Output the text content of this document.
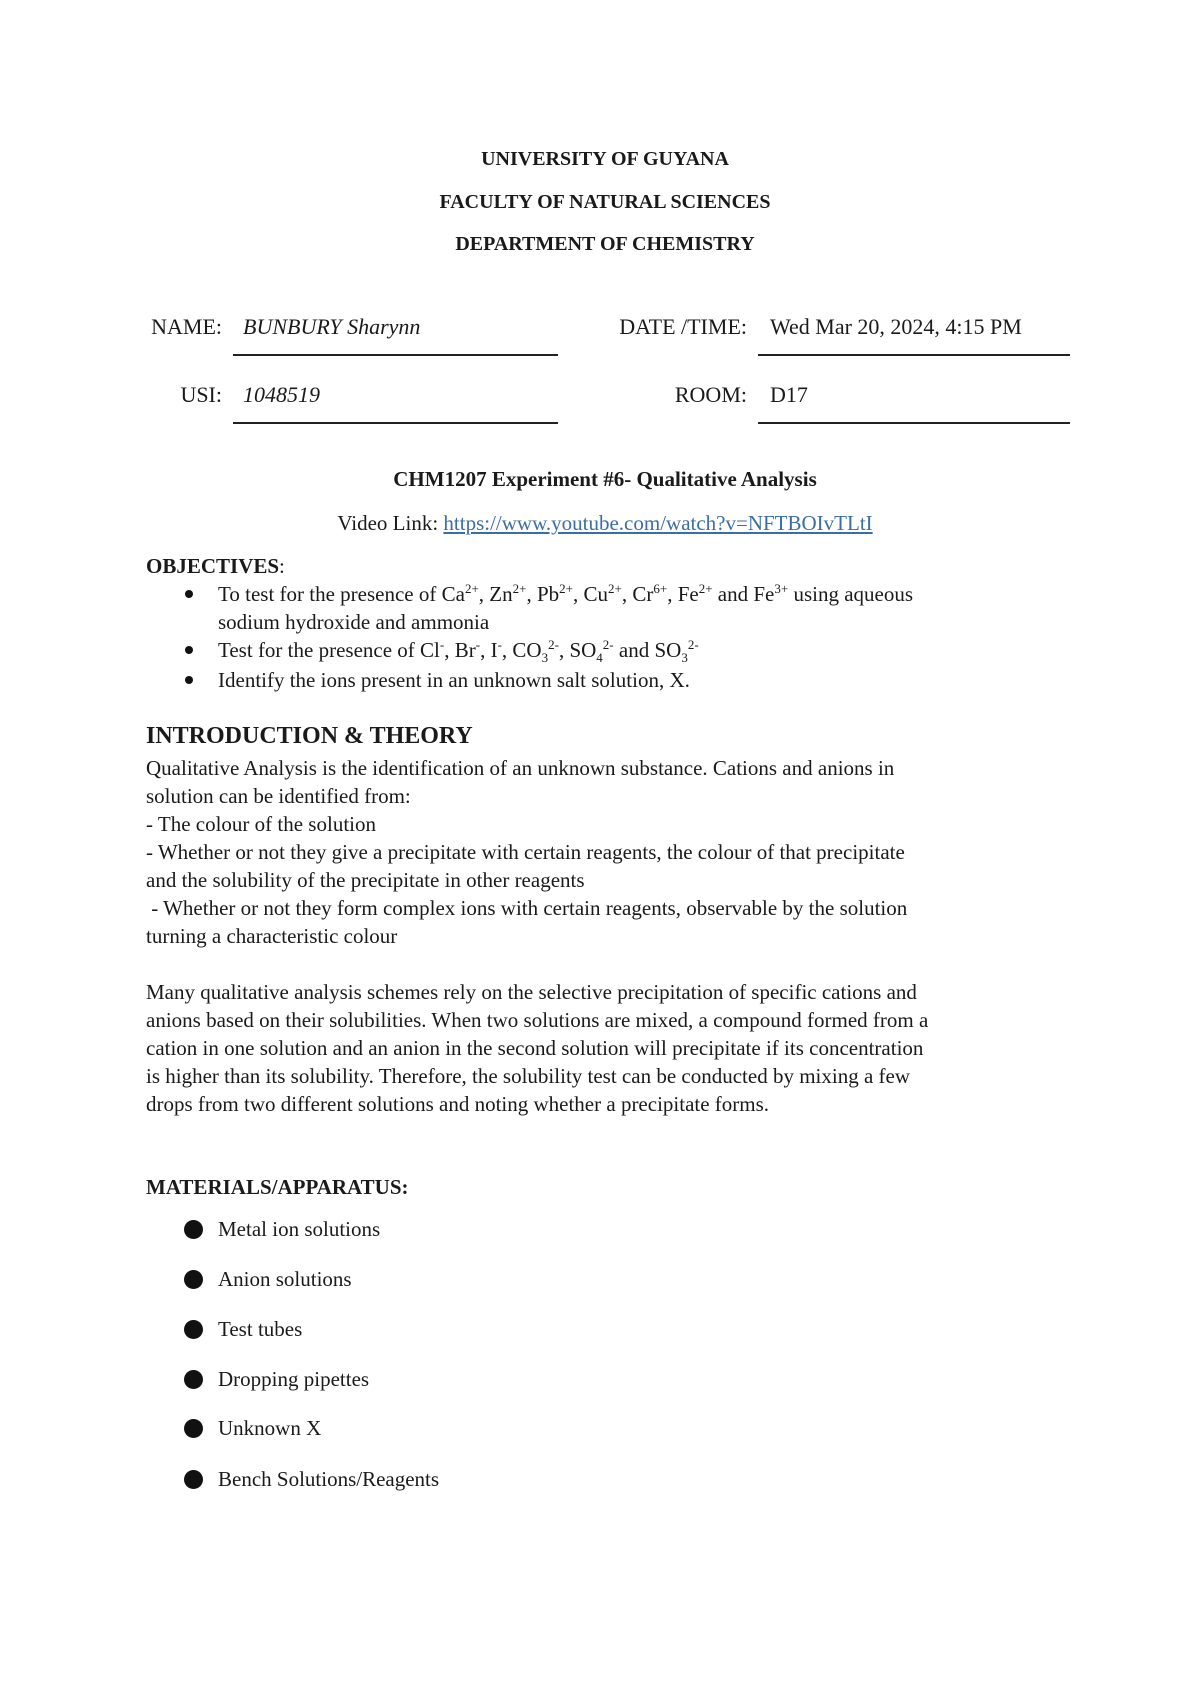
UNIVERSITY OF GUYANA
FACULTY OF NATURAL SCIENCES
DEPARTMENT OF CHEMISTRY
NAME: BUNBURY Sharynn	DATE /TIME: Wed Mar 20, 2024, 4:15 PM
USI: 1048519	ROOM: D17
CHM1207 Experiment #6- Qualitative Analysis
Video Link: https://www.youtube.com/watch?v=NFTBOIvTLtI
OBJECTIVES:
To test for the presence of $Ca^{2+}$, $Zn^{2+}$, $Pb^{2+}$, $Cu^{2+}$, $Cr^{6+}$, $Fe^{2+}$ and $Fe^{3+}$ using aqueous
sodium hydroxide and ammonia
Test for the presence of Cl-, Br-, I-, $CO_3^{2-}$, $SO_4^{2-}$ and $SO_3^{2-}$
Identify the ions present in an unknown salt solution, X.
INTRODUCTION & THEORY
Qualitative Analysis is the identification of an unknown substance. Cations and anions in
solution can be identified from:
- The colour of the solution
- Whether or not they give a precipitate with certain reagents, the colour of that precipitate
and the solubility of the precipitate in other reagents
- Whether or not they form complex ions with certain reagents, observable by the solution
turning a characteristic colour
Many qualitative analysis schemes rely on the selective precipitation of specific cations and
anions based on their solubilities. When two solutions are mixed, a compound formed from a
cation in one solution and an anion in the second solution will precipitate if its concentration
is higher than its solubility. Therefore, the solubility test can be conducted by mixing a few
drops from two different solutions and noting whether a precipitate forms.
MATERIALS/APPARATUS:
Metal ion solutions
Anion solutions
Test tubes
Dropping pipettes
Unknown X
Bench Solutions/Reagents
